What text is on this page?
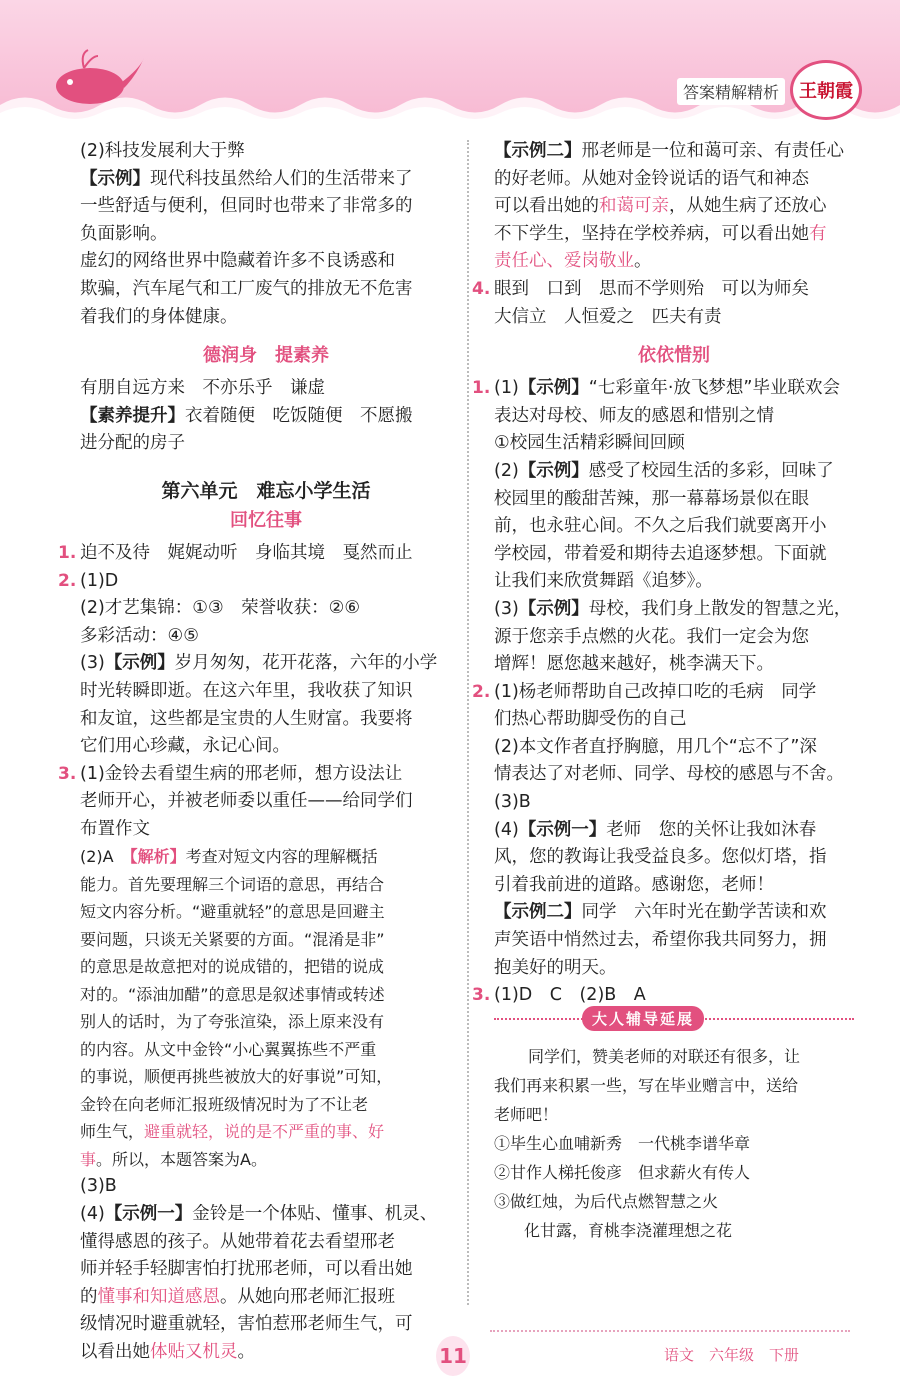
答案精解精析	王朝霞
(2)科技发展利大于弊
【示例】现代科技虽然给人们的生活带来了
一些舒适与便利，但同时也带来了非常多的
负面影响。
虚幻的网络世界中隐藏着许多不良诱惑和
欺骗，汽车尾气和工厂废气的排放无不危害
着我们的身体健康。
德润身　提素养
有朋自远方来　不亦乐乎　谦虚
【素养提升】衣着随便　吃饭随便　不愿搬
进分配的房子
第六单元　难忘小学生活
回忆往事
1. 迫不及待　娓娓动听　身临其境　戛然而止
2. (1)D
(2)才艺集锦：①③　荣誉收获：②⑥
多彩活动：④⑤
(3)【示例】岁月匆匆，花开花落，六年的小学
时光转瞬即逝。在这六年里，我收获了知识
和友谊，这些都是宝贵的人生财富。我要将
它们用心珍藏，永记心间。
3. (1)金铃去看望生病的邢老师，想方设法让
老师开心，并被老师委以重任——给同学们
布置作文
(2)A　【解析】考查对短文内容的理解概括
能力。首先要理解三个词语的意思，再结合
短文内容分析。“避重就轻”的意思是回避主
要问题，只谈无关紧要的方面。“混淆是非”
的意思是故意把对的说成错的，把错的说成
对的。“添油加醋”的意思是叙述事情或转述
别人的话时，为了夸张渲染，添上原来没有
的内容。从文中金铃“小心翼翼拣些不严重
的事说，顺便再挑些被放大的好事说”可知，
金铃在向老师汇报班级情况时为了不让老
师生气，避重就轻，说的是不严重的事、好
事。所以，本题答案为A。
(3)B
(4)【示例一】金铃是一个体贴、懂事、机灵、
懂得感恩的孩子。从她带着花去看望邢老
师并轻手轻脚害怕打扰邢老师，可以看出她
的懂事和知道感恩。从她向邢老师汇报班
级情况时避重就轻，害怕惹邢老师生气，可
以看出她体贴又机灵。
【示例二】邢老师是一位和蔼可亲、有责任心
的好老师。从她对金铃说话的语气和神态
可以看出她的和蔼可亲，从她生病了还放心
不下学生，坚持在学校养病，可以看出她有
责任心、爱岗敬业。
4. 眼到　口到　思而不学则殆　可以为师矣
大信立　人恒爱之　匹夫有责
依依惜别
1. (1)【示例】“七彩童年·放飞梦想”毕业联欢会
表达对母校、师友的感恩和惜别之情
①校园生活精彩瞬间回顾
(2)【示例】感受了校园生活的多彩，回味了
校园里的酸甜苦辣，那一幕幕场景似在眼
前，也永驻心间。不久之后我们就要离开小
学校园，带着爱和期待去追逐梦想。下面就
让我们来欣赏舞蹈《追梦》。
(3)【示例】母校，我们身上散发的智慧之光，
源于您亲手点燃的火花。我们一定会为您
增辉！愿您越来越好，桃李满天下。
2. (1)杨老师帮助自己改掉口吃的毛病　同学
们热心帮助脚受伤的自己
(2)本文作者直抒胸臆，用几个“忘不了”深
情表达了对老师、同学、母校的感恩与不舍。
(3)B
(4)【示例一】老师　您的关怀让我如沐春
风，您的教诲让我受益良多。您似灯塔，指
引着我前进的道路。感谢您，老师！
【示例二】同学　六年时光在勤学苦读和欢
声笑语中悄然过去，希望你我共同努力，拥
抱美好的明天。
3. (1)D　C　(2)B　A
大人辅导延展
同学们，赞美老师的对联还有很多，让
我们再来积累一些，写在毕业赠言中，送给
老师吧！
①毕生心血哺新秀　一代桃李谱华章
②甘作人梯托俊彦　但求薪火有传人
③做红烛，为后代点燃智慧之火
化甘露，育桃李浇灌理想之花
11	语文　六年级　下册
